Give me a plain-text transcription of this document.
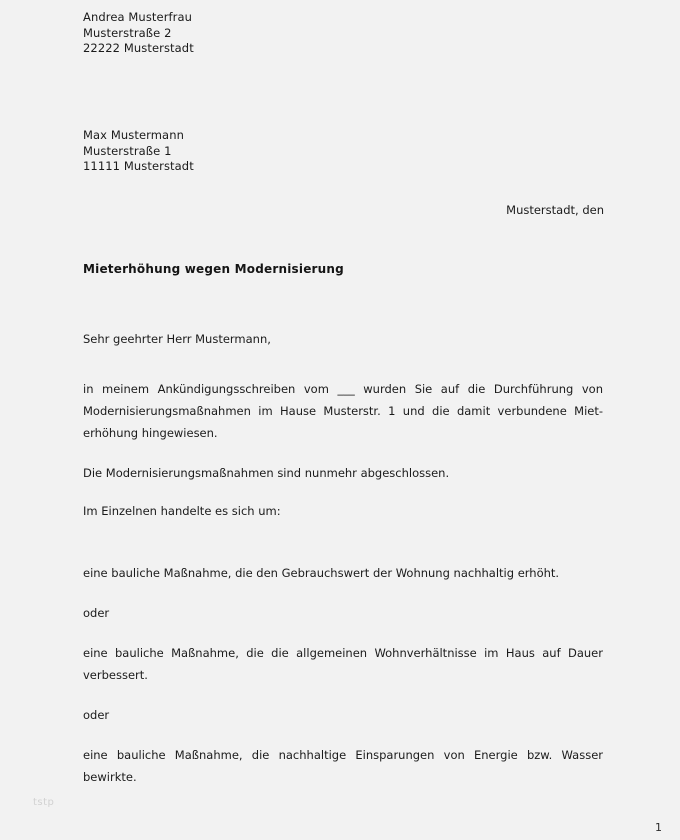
Andrea Musterfrau
Musterstraße 2
22222 Musterstadt
Max Mustermann
Musterstraße 1
11111 Musterstadt
Musterstadt, den
Mieterhöhung wegen Modernisierung

Sehr geehrter Herr Mustermann,

in meinem Ankündigungsschreiben vom ___ wurden Sie auf die Durchführung von Modernisierungsmaßnahmen im Hause Musterstr. 1 und die damit verbundene Miet-erhöhung hingewiesen.

Die Modernisierungsmaßnahmen sind nunmehr abgeschlossen.

Im Einzelnen handelte es sich um:

eine bauliche Maßnahme, die den Gebrauchswert der Wohnung nachhaltig erhöht.

oder

eine bauliche Maßnahme, die die allgemeinen Wohnverhältnisse im Haus auf Dauer verbessert.

oder

eine bauliche Maßnahme, die nachhaltige Einsparungen von Energie bzw. Wasser bewirkte.

tstp
1
